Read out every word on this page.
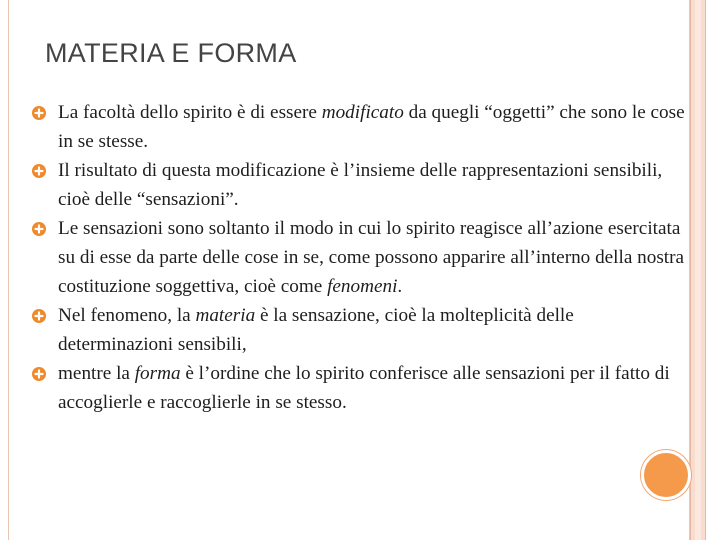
MATERIA E FORMA
La facoltà dello spirito è di essere modificato da quegli “oggetti” che sono le cose in se stesse.
Il risultato di questa modificazione è l’insieme delle rappresentazioni sensibili, cioè delle “sensazioni”.
Le sensazioni sono soltanto il modo in cui lo spirito reagisce all’azione esercitata su di esse da parte delle cose in se, come possono apparire all’interno della nostra costituzione soggettiva, cioè come fenomeni.
Nel fenomeno, la materia è la sensazione, cioè la molteplicità delle determinazioni sensibili,
mentre la forma è l’ordine che lo spirito conferisce alle sensazioni per il fatto di accoglierle e raccoglierle in se stesso.
